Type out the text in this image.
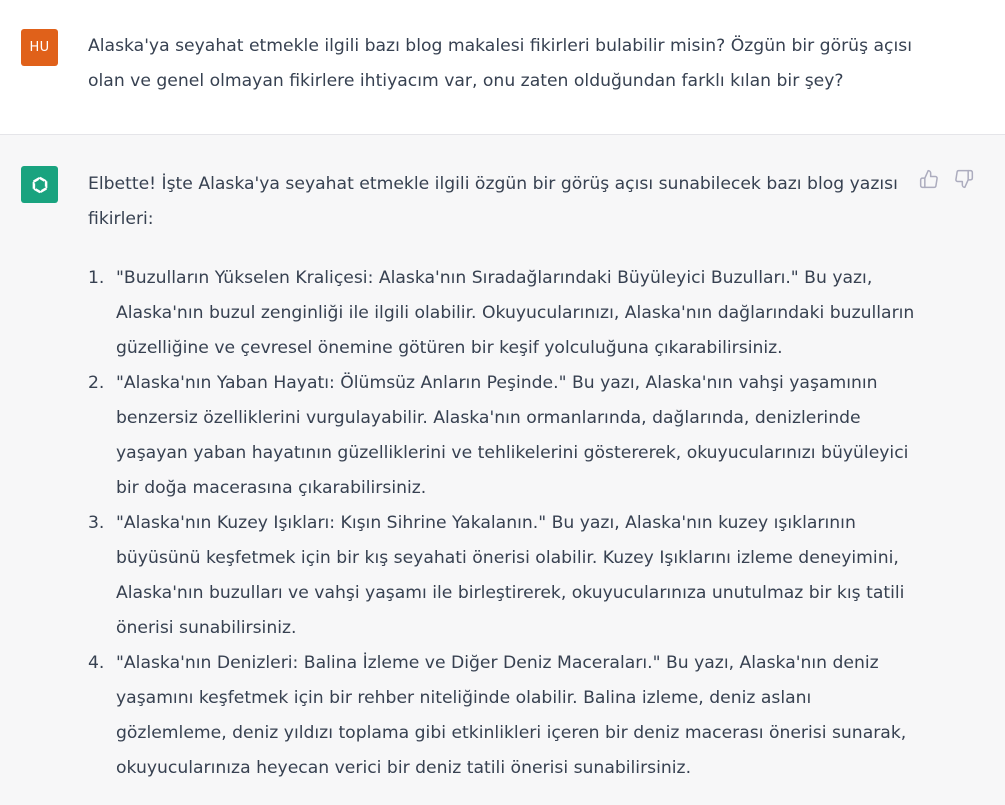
HU	Alaska'ya seyahat etmekle ilgili bazı blog makalesi fikirleri bulabilir misin? Özgün bir görüş açısı olan ve genel olmayan fikirlere ihtiyacım var, onu zaten olduğundan farklı kılan bir şey?
Elbette! İşte Alaska'ya seyahat etmekle ilgili özgün bir görüş açısı sunabilecek bazı blog yazısı fikirleri:
1. "Buzulların Yükselen Kraliçesi: Alaska'nın Sıradağlarındaki Büyüleyici Buzulları." Bu yazı, Alaska'nın buzul zenginliği ile ilgili olabilir. Okuyucularınızı, Alaska'nın dağlarındaki buzulların güzelliğine ve çevresel önemine götüren bir keşif yolculuğuna çıkarabilirsiniz.
2. "Alaska'nın Yaban Hayatı: Ölümsüz Anların Peşinde." Bu yazı, Alaska'nın vahşi yaşamının benzersiz özelliklerini vurgulayabilir. Alaska'nın ormanlarında, dağlarında, denizlerinde yaşayan yaban hayatının güzelliklerini ve tehlikelerini göstererek, okuyucularınızı büyüleyici bir doğa macerasına çıkarabilirsiniz.
3. "Alaska'nın Kuzey Işıkları: Kışın Sihrine Yakalanın." Bu yazı, Alaska'nın kuzey ışıklarının büyüsünü keşfetmek için bir kış seyahati önerisi olabilir. Kuzey Işıklarını izleme deneyimini, Alaska'nın buzulları ve vahşi yaşamı ile birleştirerek, okuyucularınıza unutulmaz bir kış tatili önerisi sunabilirsiniz.
4. "Alaska'nın Denizleri: Balina İzleme ve Diğer Deniz Maceraları." Bu yazı, Alaska'nın deniz yaşamını keşfetmek için bir rehber niteliğinde olabilir. Balina izleme, deniz aslanı gözlemleme, deniz yıldızı toplama gibi etkinlikleri içeren bir deniz macerası önerisi sunarak, okuyucularınıza heyecan verici bir deniz tatili önerisi sunabilirsiniz.
